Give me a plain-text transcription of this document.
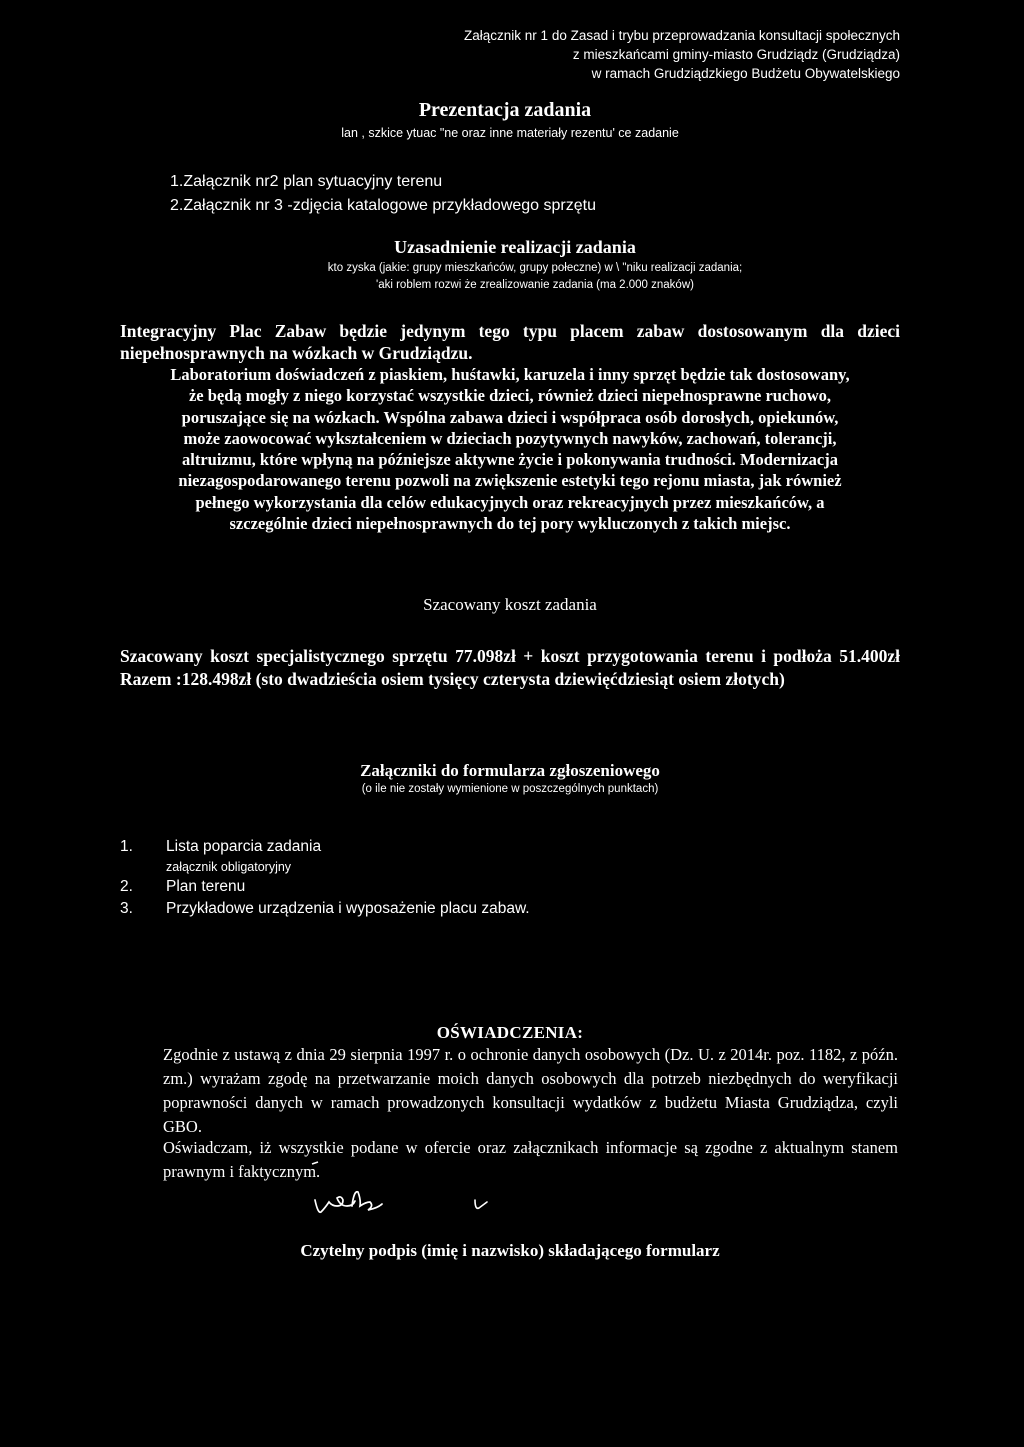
Załącznik nr 1 do Zasad i trybu przeprowadzania konsultacji społecznych
z mieszkańcami gminy-miasto Grudziądz (Grudziądza)
w ramach Grudziądzkiego Budżetu Obywatelskiego
Prezentacja zadania
lan , szkice ytuac "ne oraz inne materiały rezentu' ce zadanie
1.Załącznik nr2 plan sytuacyjny terenu
2.Załącznik nr 3 -zdjęcia katalogowe przykładowego sprzętu
Uzasadnienie realizacji zadania
kto zyska (jakie: grupy mieszkańców, grupy połeczne) w \ "niku realizacji zadania;
'aki roblem rozwi że zrealizowanie zadania (ma 2.000 znaków)
Integracyjny Plac Zabaw będzie jedynym tego typu placem zabaw dostosowanym dla dzieci niepełnosprawnych na wózkach w Grudziądzu.
Laboratorium doświadczeń z piaskiem, huśtawki, karuzela i inny sprzęt będzie tak dostosowany,
że będą mogły z niego korzystać wszystkie dzieci, również dzieci niepełnosprawne ruchowo,
poruszające się na wózkach. Wspólna zabawa dzieci i współpraca osób dorosłych, opiekunów,
może zaowocować wykształceniem w dzieciach pozytywnych nawyków, zachowań, tolerancji,
altruizmu, które wpłyną na późniejsze aktywne życie i pokonywania trudności. Modernizacja
niezagospodarowanego terenu pozwoli na zwiększenie estetyki tego rejonu miasta, jak również
pełnego wykorzystania dla celów edukacyjnych oraz rekreacyjnych przez mieszkańców, a
szczególnie dzieci niepełnosprawnych do tej pory wykluczonych z takich miejsc.
Szacowany koszt zadania
Szacowany koszt specjalistycznego sprzętu 77.098zł + koszt przygotowania terenu i podłoża 51.400zł Razem :128.498zł (sto dwadzieścia osiem tysięcy czterysta dziewięćdziesiąt osiem złotych)
Załączniki do formularza zgłoszeniowego
(o ile nie zostały wymienione w poszczególnych punktach)
1.	Lista poparcia zadania
załącznik obligatoryjny
2.	Plan terenu
3.	Przykładowe urządzenia i wyposażenie placu zabaw.
OŚWIADCZENIA:
Zgodnie z ustawą z dnia 29 sierpnia 1997 r. o ochronie danych osobowych (Dz. U. z 2014r. poz. 1182, z późn. zm.) wyrażam zgodę na przetwarzanie moich danych osobowych dla potrzeb niezbędnych do weryfikacji poprawności danych w ramach prowadzonych konsultacji wydatków z budżetu Miasta Grudziądza, czyli GBO.
Oświadczam, iż wszystkie podane w ofercie oraz załącznikach informacje są zgodne z aktualnym stanem prawnym i faktycznym.
Czytelny podpis (imię i nazwisko) składającego formularz
